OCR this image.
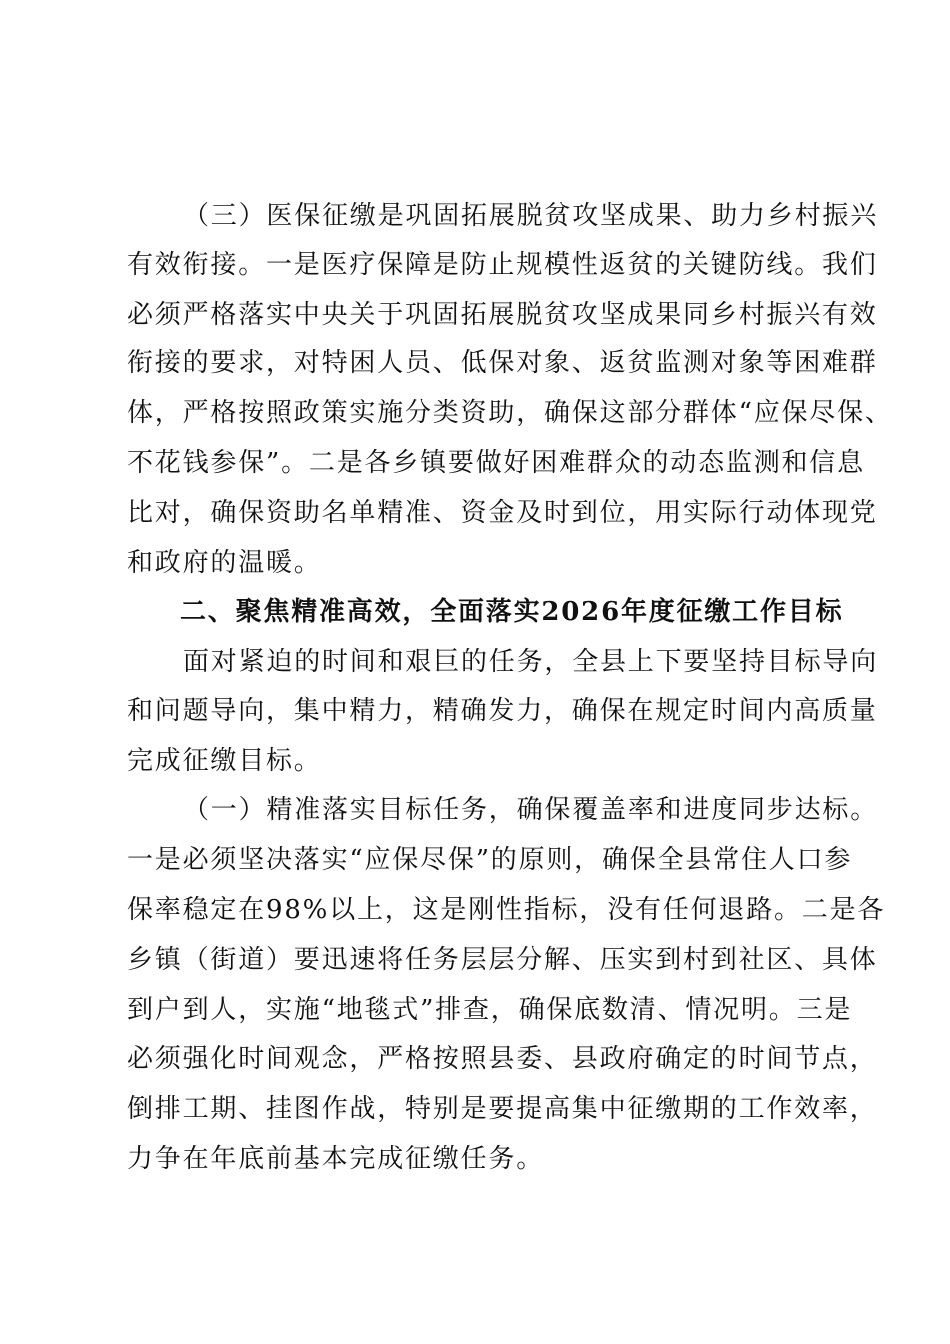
（三）医保征缴是巩固拓展脱贫攻坚成果、助力乡村振兴
有效衔接。一是医疗保障是防止规模性返贫的关键防线。我们
必须严格落实中央关于巩固拓展脱贫攻坚成果同乡村振兴有效
衔接的要求，对特困人员、低保对象、返贫监测对象等困难群
体，严格按照政策实施分类资助，确保这部分群体“应保尽保、
不花钱参保”。二是各乡镇要做好困难群众的动态监测和信息
比对，确保资助名单精准、资金及时到位，用实际行动体现党
和政府的温暖。
二、聚焦精准高效，全面落实2026年度征缴工作目标
面对紧迫的时间和艰巨的任务，全县上下要坚持目标导向
和问题导向，集中精力，精确发力，确保在规定时间内高质量
完成征缴目标。
（一）精准落实目标任务，确保覆盖率和进度同步达标。
一是必须坚决落实“应保尽保”的原则，确保全县常住人口参
保率稳定在98%以上，这是刚性指标，没有任何退路。二是各
乡镇（街道）要迅速将任务层层分解、压实到村到社区、具体
到户到人，实施“地毯式”排查，确保底数清、情况明。三是
必须强化时间观念，严格按照县委、县政府确定的时间节点，
倒排工期、挂图作战，特别是要提高集中征缴期的工作效率，
力争在年底前基本完成征缴任务。
